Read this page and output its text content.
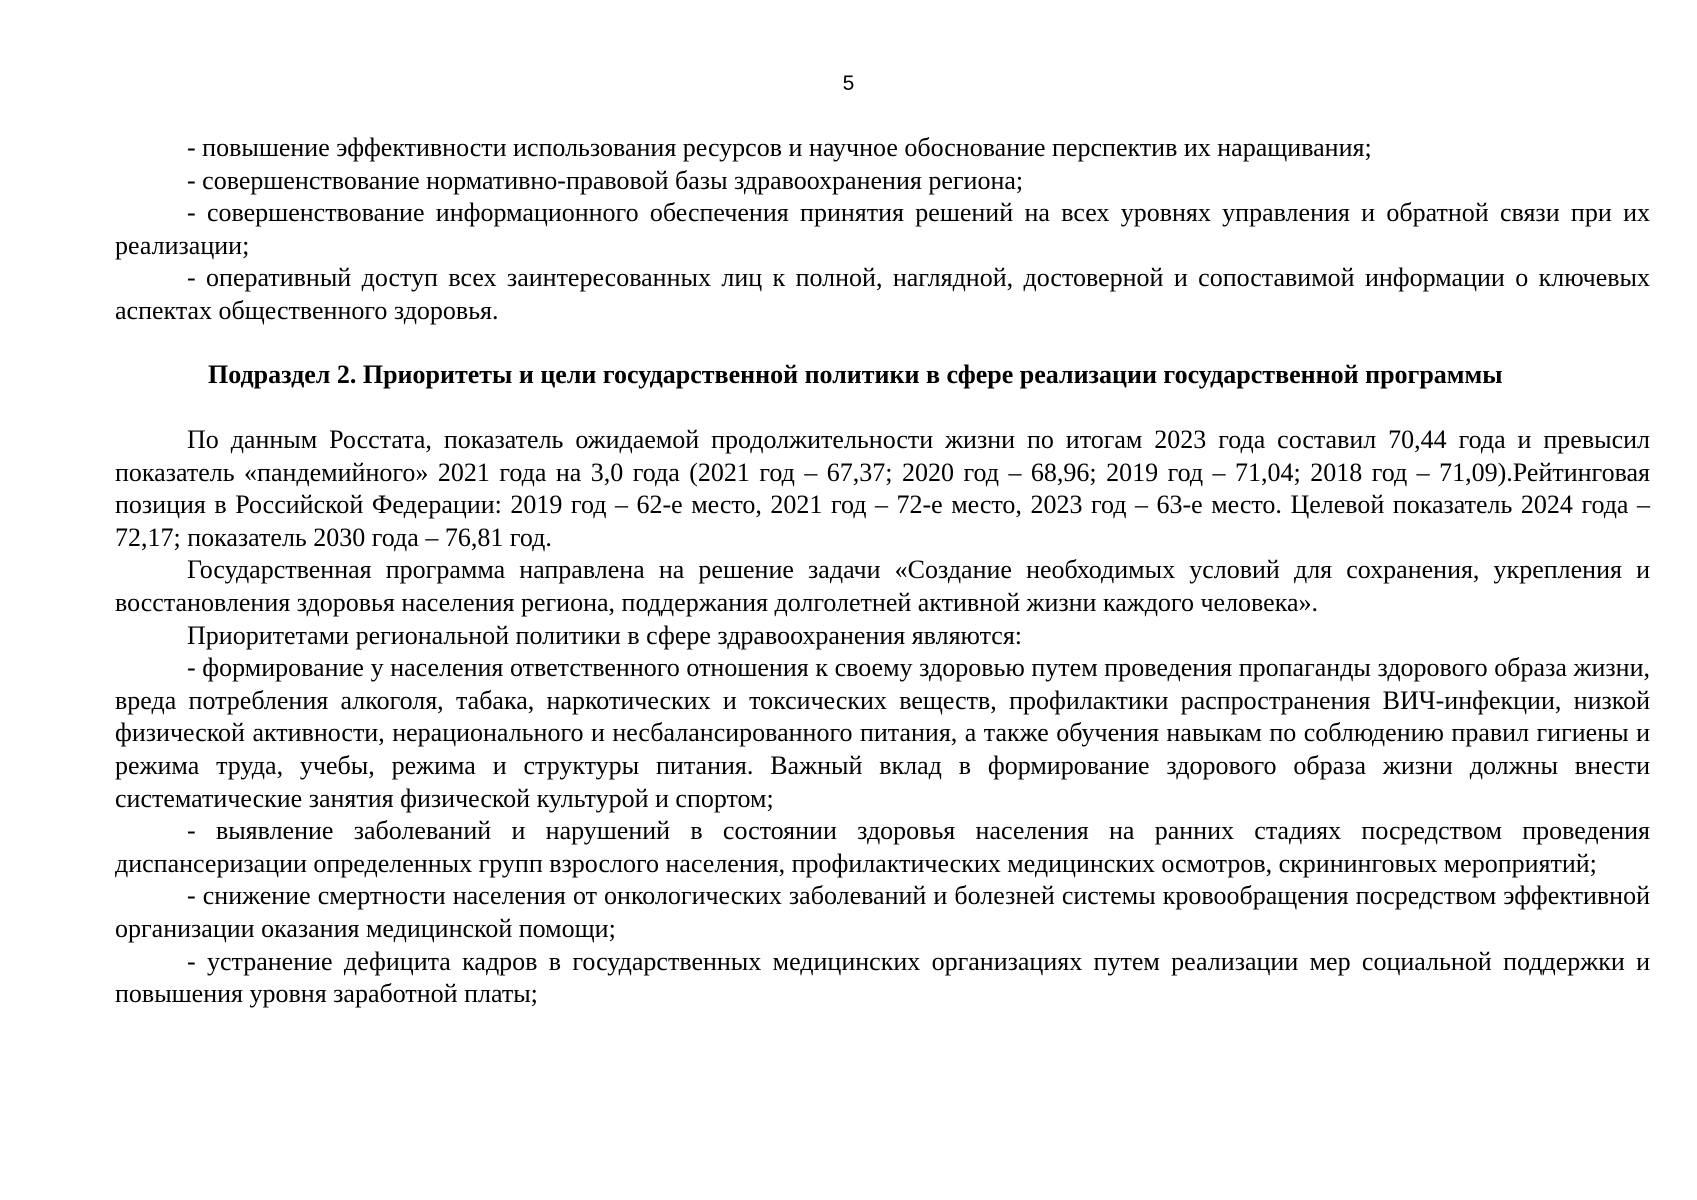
5

- повышение эффективности использования ресурсов и научное обоснование перспектив их наращивания;

- совершенствование нормативно-правовой базы здравоохранения региона;

- совершенствование информационного обеспечения принятия решений на всех уровнях управления и обратной связи при их реализации;

- оперативный доступ всех заинтересованных лиц к полной, наглядной, достоверной и сопоставимой информации о ключевых аспектах общественного здоровья.

Подраздел 2. Приоритеты и цели государственной политики в сфере реализации государственной программы

По данным Росстата, показатель ожидаемой продолжительности жизни по итогам 2023 года составил 70,44 года и превысил показатель «пандемийного» 2021 года на 3,0 года (2021 год – 67,37; 2020 год – 68,96; 2019 год – 71,04; 2018 год – 71,09).Рейтинговая позиция в Российской Федерации: 2019 год – 62-е место, 2021 год – 72-е место, 2023 год – 63-е место. Целевой показатель 2024 года – 72,17; показатель 2030 года – 76,81 год.

Государственная программа направлена на решение задачи «Создание необходимых условий для сохранения, укрепления и восстановления здоровья населения региона, поддержания долголетней активной жизни каждого человека».

Приоритетами региональной политики в сфере здравоохранения являются:

- формирование у населения ответственного отношения к своему здоровью путем проведения пропаганды здорового образа жизни, вреда потребления алкоголя, табака, наркотических и токсических веществ, профилактики распространения ВИЧ-инфекции, низкой физической активности, нерационального и несбалансированного питания, а также обучения навыкам по соблюдению правил гигиены и режима труда, учебы, режима и структуры питания. Важный вклад в формирование здорового образа жизни должны внести систематические занятия физической культурой и спортом;

- выявление заболеваний и нарушений в состоянии здоровья населения на ранних стадиях посредством проведения диспансеризации определенных групп взрослого населения, профилактических медицинских осмотров, скрининговых мероприятий;

- снижение смертности населения от онкологических заболеваний и болезней системы кровообращения посредством эффективной организации оказания медицинской помощи;

- устранение дефицита кадров в государственных медицинских организациях путем реализации мер социальной поддержки и повышения уровня заработной платы;
